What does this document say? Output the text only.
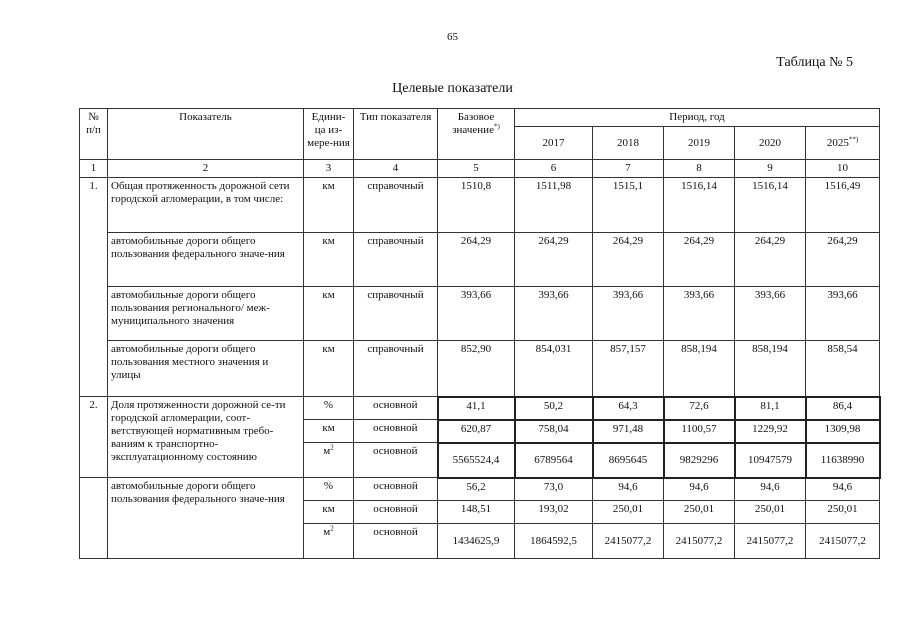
65
Таблица № 5
Целевые показатели
№ п/п	Показатель	Едини-ца из-мере-ния	Тип показателя	Базовое значение*)	Период, год				
					2017	2018	2019	2020	2025**)
1	2	3	4	5	6	7	8	9	10
1.	Общая протяженность дорожной сети городской агломерации, в том числе:	км	справочный	1510,8	1511,98	1515,1	1516,14	1516,14	1516,49
	автомобильные дороги общего пользования федерального значе-ния	км	справочный	264,29	264,29	264,29	264,29	264,29	264,29
	автомобильные дороги общего пользования регионального/ меж-муниципального значения	км	справочный	393,66	393,66	393,66	393,66	393,66	393,66
	автомобильные дороги общего пользования местного значения и улицы	км	справочный	852,90	854,031	857,157	858,194	858,194	858,54
2.	Доля протяженности дорожной се-ти городской агломерации, соот-ветствующей нормативным требо-ваниям к транспортно-эксплуатационному состоянию	%	основной	41,1	50,2	64,3	72,6	81,1	86,4
		км	основной	620,87	758,04	971,48	1100,57	1229,92	1309,98
		$м^2$	основной	5565524,4	6789564	8695645	9829296	10947579	11638990
	автомобильные дороги общего пользования федерального значе-ния	%	основной	56,2	73,0	94,6	94,6	94,6	94,6
		км	основной	148,51	193,02	250,01	250,01	250,01	250,01
		$м^2$	основной	1434625,9	1864592,5	2415077,2	2415077,2	2415077,2	2415077,2
